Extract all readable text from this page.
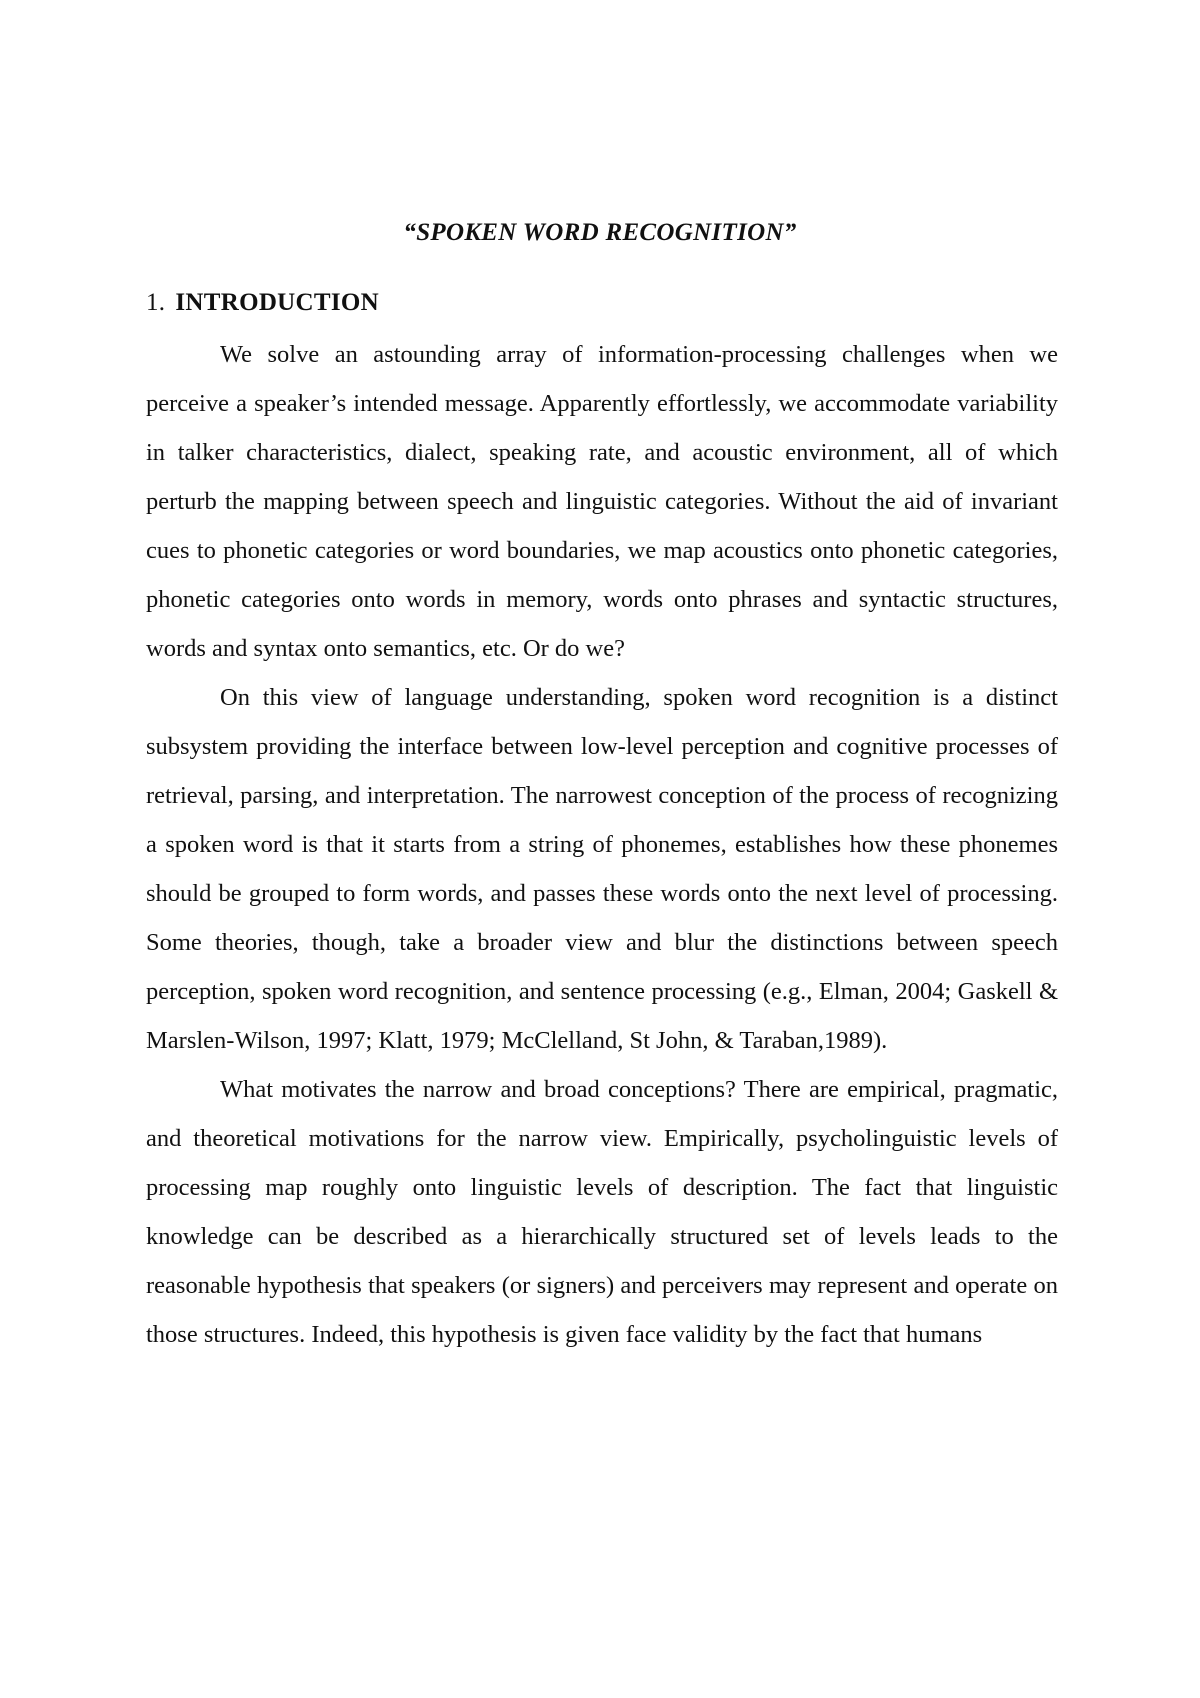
“SPOKEN WORD RECOGNITION”
1. INTRODUCTION

We solve an astounding array of information-processing challenges when we perceive a speaker’s intended message. Apparently effortlessly, we accommodate variability in talker characteristics, dialect, speaking rate, and acoustic environment, all of which perturb the mapping between speech and linguistic categories. Without the aid of invariant cues to phonetic categories or word boundaries, we map acoustics onto phonetic categories, phonetic categories onto words in memory, words onto phrases and syntactic structures, words and syntax onto semantics, etc. Or do we?

On this view of language understanding, spoken word recognition is a distinct subsystem providing the interface between low-level perception and cognitive processes of retrieval, parsing, and interpretation. The narrowest conception of the process of recognizing a spoken word is that it starts from a string of phonemes, establishes how these phonemes should be grouped to form words, and passes these words onto the next level of processing. Some theories, though, take a broader view and blur the distinctions between speech perception, spoken word recognition, and sentence processing (e.g., Elman, 2004; Gaskell & Marslen-Wilson, 1997; Klatt, 1979; McClelland, St John, & Taraban,1989).

What motivates the narrow and broad conceptions? There are empirical, pragmatic, and theoretical motivations for the narrow view. Empirically, psycholinguistic levels of processing map roughly onto linguistic levels of description. The fact that linguistic knowledge can be described as a hierarchically structured set of levels leads to the reasonable hypothesis that speakers (or signers) and perceivers may represent and operate on those structures. Indeed, this hypothesis is given face validity by the fact that humans
